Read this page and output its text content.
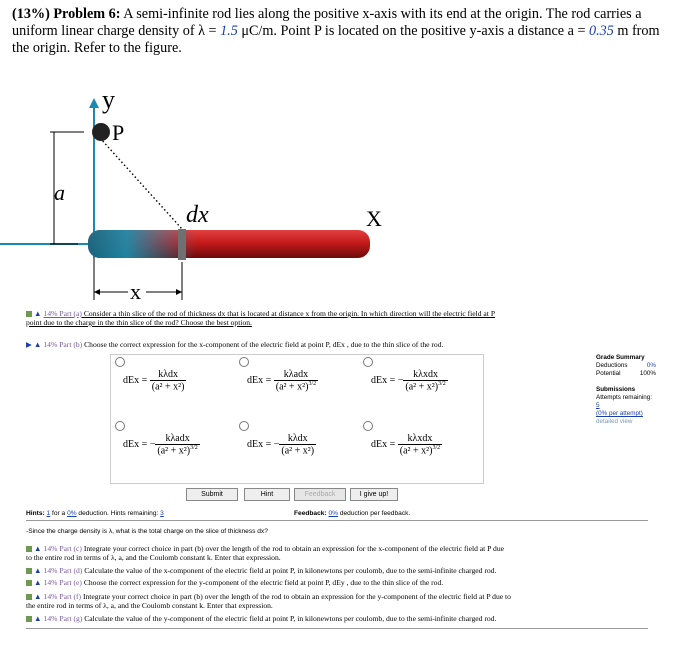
(13%) Problem 6: A semi-infinite rod lies along the positive x-axis with its end at the origin. The rod carries a uniform linear charge density of λ = 1.5 μC/m. Point P is located on the positive y-axis a distance a = 0.35 m from the origin. Refer to the figure.
y
P
a
dx	X
x
▲ 14% Part (a) Consider a thin slice of the rod of thickness dx that is located at distance x from the origin. In which direction will the electric field at P
point due to the charge in the thin slice of the rod? Choose the best option.
▶ ▲ 14% Part (b) Choose the correct expression for the x-component of the electric field at point P, dEx , due to the thin slice of the rod.
dEx = $\frac{\text{kλdx}}{\text{(a² + x²)}}$	dEx = $\frac{\text{kλadx}}{(a^2 + x^2)^{3/2}}$	dEx = − $\frac{\text{kλxdx}}{(a^2 + x^2)^{3/2}}$
dEx = − $\frac{\text{kλadx}}{(a^2 + x^2)^{3/2}}$	dEx = − $\frac{\text{kλdx}}{\text{(a² + x²)}}$	dEx = $\frac{\text{kλxdx}}{(a^2 + x^2)^{3/2}}$
Grade Summary
Deductions	0%
Potential	100%
Submissions
Attempts remaining: 5
(0% per attempt)
detailed view
Submit	Hint	Feedback	I give up!
Hints: 1 for a 0% deduction. Hints remaining: 3	Feedback: 0% deduction per feedback.
-Since the charge density is λ, what is the total charge on the slice of thickness dx?
▲ 14% Part (c) Integrate your correct choice in part (b) over the length of the rod to obtain an expression for the x-component of the electric field at P due
to the entire rod in terms of λ, a, and the Coulomb constant k. Enter that expression.
▲ 14% Part (d) Calculate the value of the x-component of the electric field at point P, in kilonewtons per coulomb, due to the semi-infinite charged rod.
▲ 14% Part (e) Choose the correct expression for the y-component of the electric field at point P, dEy , due to the thin slice of the rod.
▲ 14% Part (f) Integrate your correct choice in part (b) over the length of the rod to obtain an expression for the y-component of the electric field at P due to
the entire rod in terms of λ, a, and the Coulomb constant k. Enter that expression.
▲ 14% Part (g) Calculate the value of the y-component of the electric field at point P, in kilonewtons per coulomb, due to the semi-infinite charged rod.
